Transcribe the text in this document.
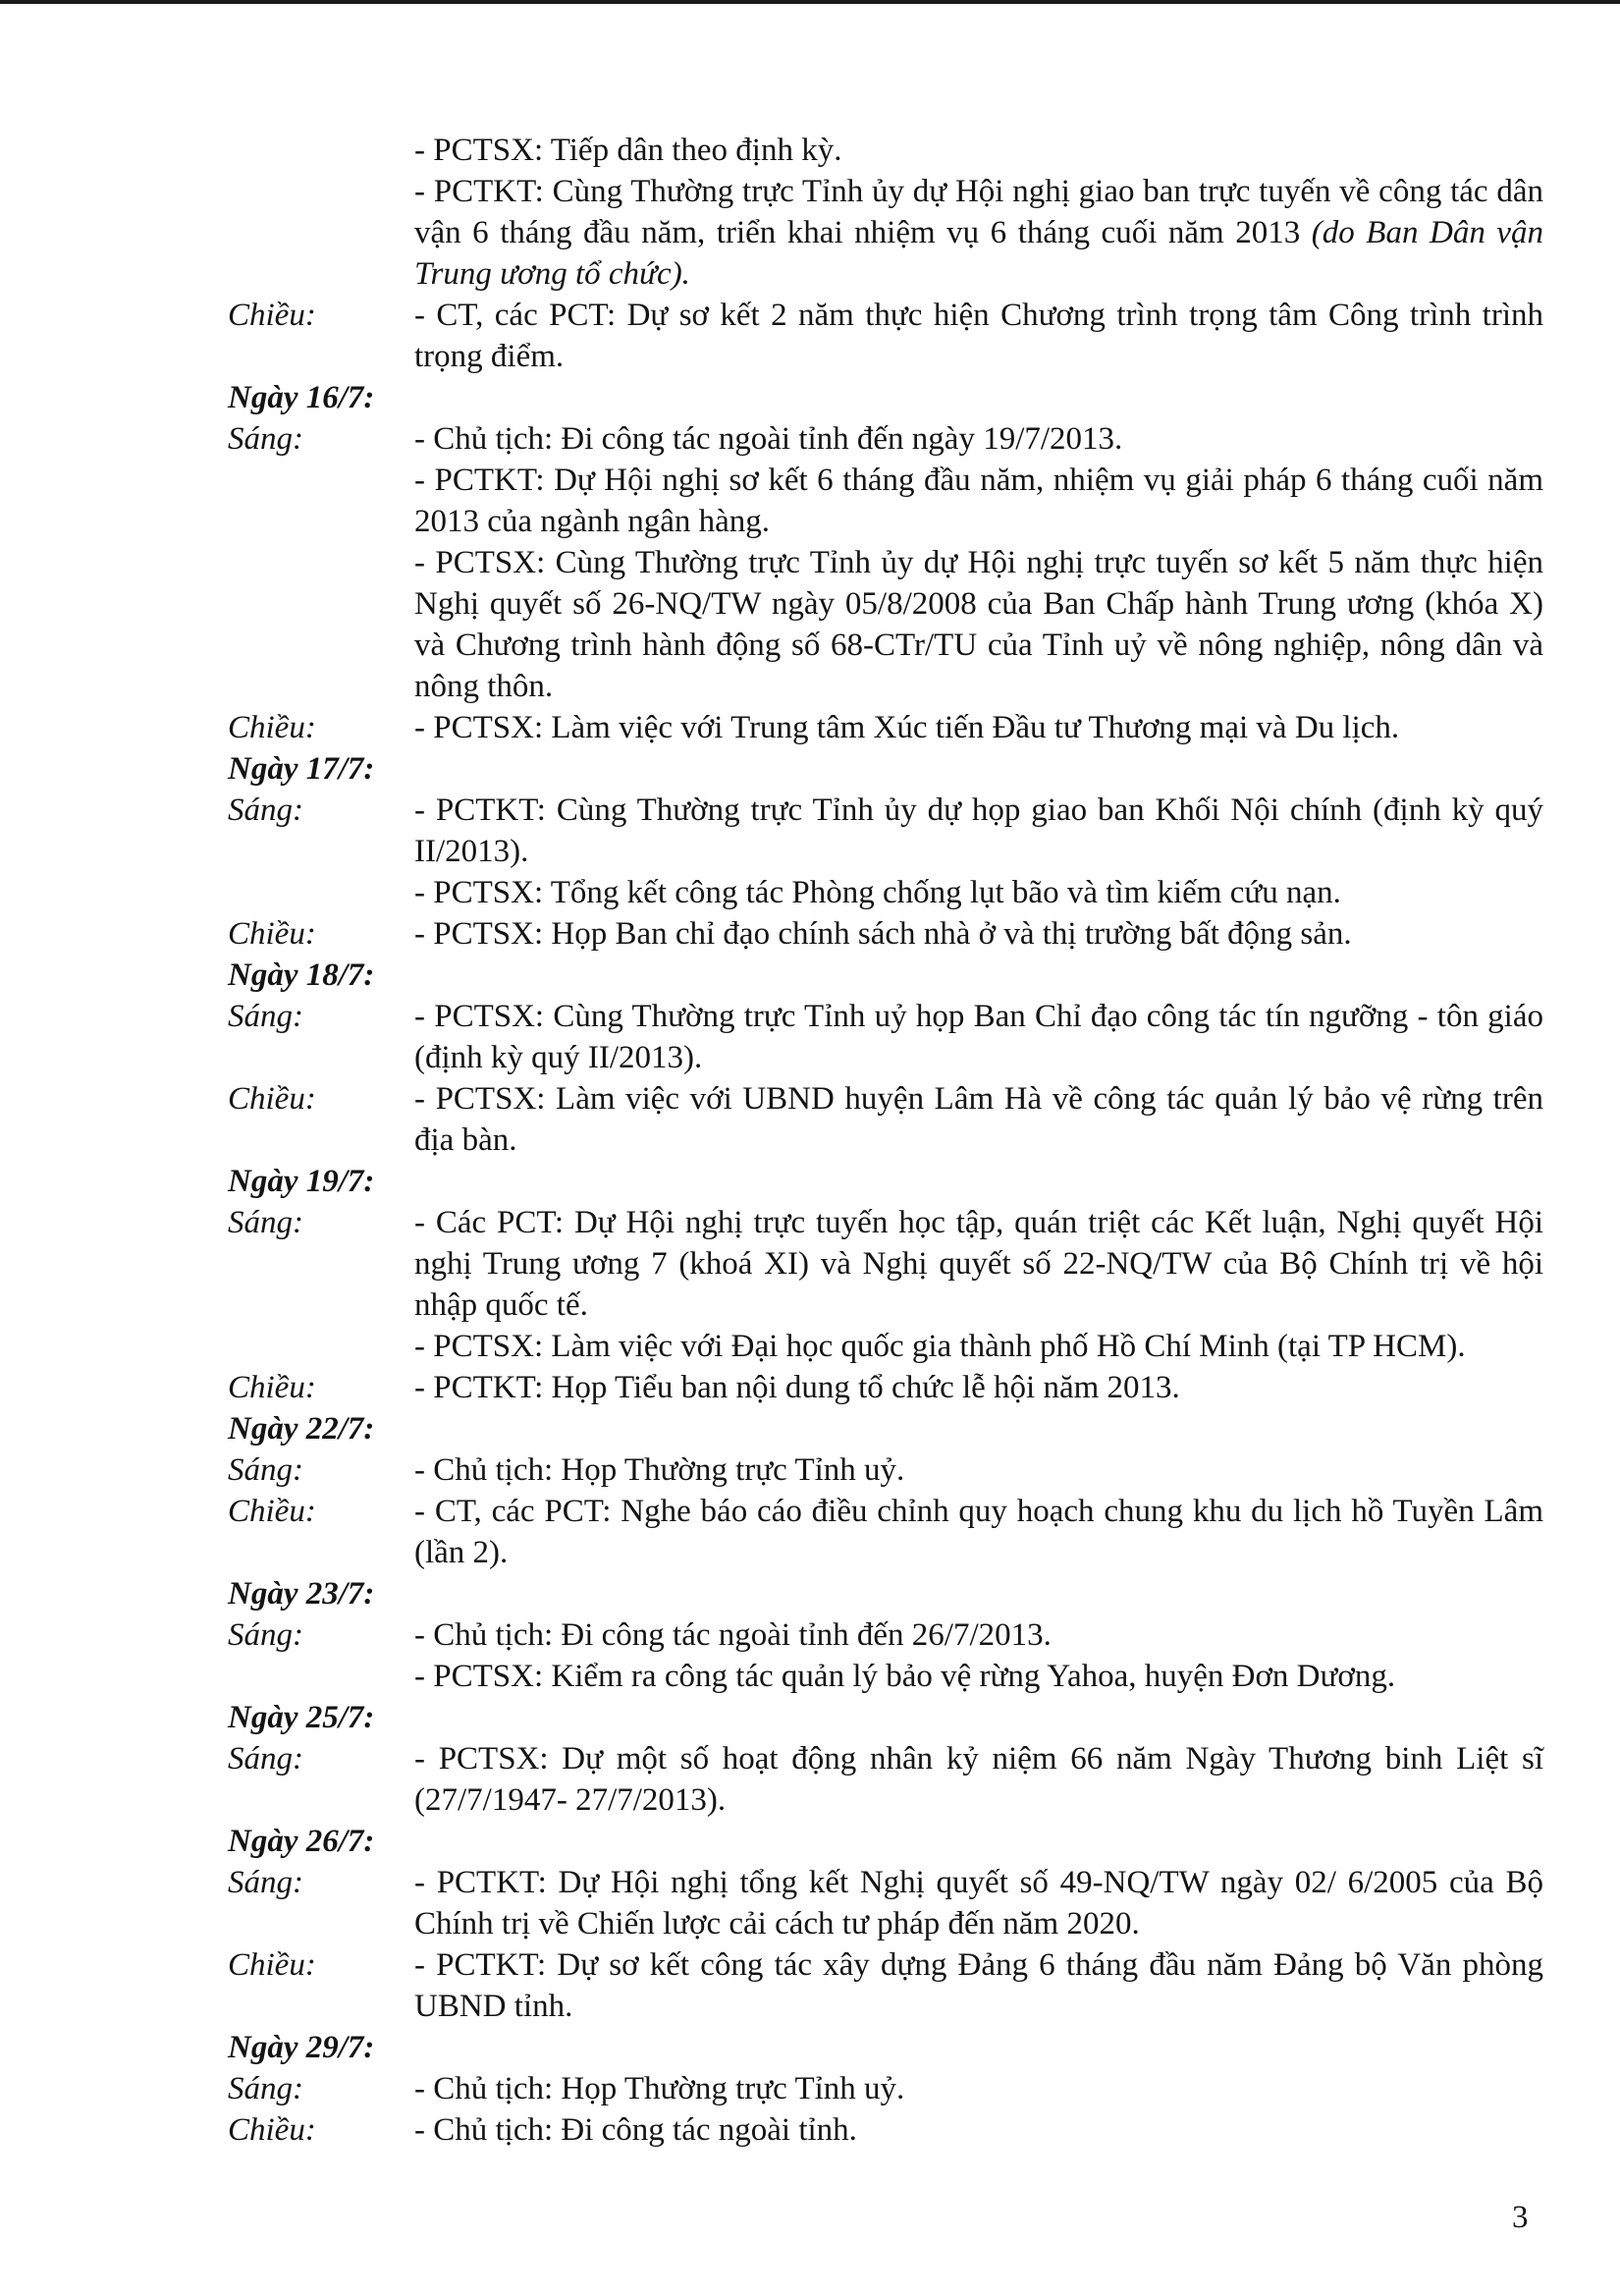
- PCTSX: Tiếp dân theo định kỳ.
- PCTKT: Cùng Thường trực Tỉnh ủy dự Hội nghị giao ban trực tuyến về công tác dân vận 6 tháng đầu năm, triển khai nhiệm vụ 6 tháng cuối năm 2013 (do Ban Dân vận Trung ương tổ chức).
Chiều:	- CT, các PCT: Dự sơ kết 2 năm thực hiện Chương trình trọng tâm Công trình trình trọng điểm.
Ngày 16/7:
Sáng:	- Chủ tịch: Đi công tác ngoài tỉnh đến ngày 19/7/2013.
- PCTKT: Dự Hội nghị sơ kết 6 tháng đầu năm, nhiệm vụ giải pháp 6 tháng cuối năm 2013 của ngành ngân hàng.
- PCTSX: Cùng Thường trực Tỉnh ủy dự Hội nghị trực tuyến sơ kết 5 năm thực hiện Nghị quyết số 26-NQ/TW ngày 05/8/2008 của Ban Chấp hành Trung ương (khóa X) và Chương trình hành động số 68-CTr/TU của Tỉnh uỷ về nông nghiệp, nông dân và nông thôn.
Chiều:	- PCTSX: Làm việc với Trung tâm Xúc tiến Đầu tư Thương mại và Du lịch.
Ngày 17/7:
Sáng:	- PCTKT: Cùng Thường trực Tỉnh ủy dự họp giao ban Khối Nội chính (định kỳ quý II/2013).
- PCTSX: Tổng kết công tác Phòng chống lụt bão và tìm kiếm cứu nạn.
Chiều:	- PCTSX: Họp Ban chỉ đạo chính sách nhà ở và thị trường bất động sản.
Ngày 18/7:
Sáng:	- PCTSX: Cùng Thường trực Tỉnh uỷ họp Ban Chỉ đạo công tác tín ngưỡng - tôn giáo (định kỳ quý II/2013).
Chiều:	- PCTSX: Làm việc với UBND huyện Lâm Hà về công tác quản lý bảo vệ rừng trên địa bàn.
Ngày 19/7:
Sáng:	- Các PCT: Dự Hội nghị trực tuyến học tập, quán triệt các Kết luận, Nghị quyết Hội nghị Trung ương 7 (khoá XI) và Nghị quyết số 22-NQ/TW của Bộ Chính trị về hội nhập quốc tế.
- PCTSX: Làm việc với Đại học quốc gia thành phố Hồ Chí Minh (tại TP HCM).
Chiều:	- PCTKT: Họp Tiểu ban nội dung tổ chức lễ hội năm 2013.
Ngày 22/7:
Sáng:	- Chủ tịch: Họp Thường trực Tỉnh uỷ.
Chiều:	- CT, các PCT: Nghe báo cáo điều chỉnh quy hoạch chung khu du lịch hồ Tuyền Lâm (lần 2).
Ngày 23/7:
Sáng:	- Chủ tịch: Đi công tác ngoài tỉnh đến 26/7/2013.
- PCTSX: Kiểm ra công tác quản lý bảo vệ rừng Yahoa, huyện Đơn Dương.
Ngày 25/7:
Sáng:	- PCTSX: Dự một số hoạt động nhân kỷ niệm 66 năm Ngày Thương binh Liệt sĩ (27/7/1947- 27/7/2013).
Ngày 26/7:
Sáng:	- PCTKT: Dự Hội nghị tổng kết Nghị quyết số 49-NQ/TW ngày 02/ 6/2005 của Bộ Chính trị về Chiến lược cải cách tư pháp đến năm 2020.
Chiều:	- PCTKT: Dự sơ kết công tác xây dựng Đảng 6 tháng đầu năm Đảng bộ Văn phòng UBND tỉnh.
Ngày 29/7:
Sáng:	- Chủ tịch: Họp Thường trực Tỉnh uỷ.
Chiều:	- Chủ tịch: Đi công tác ngoài tỉnh.
3
